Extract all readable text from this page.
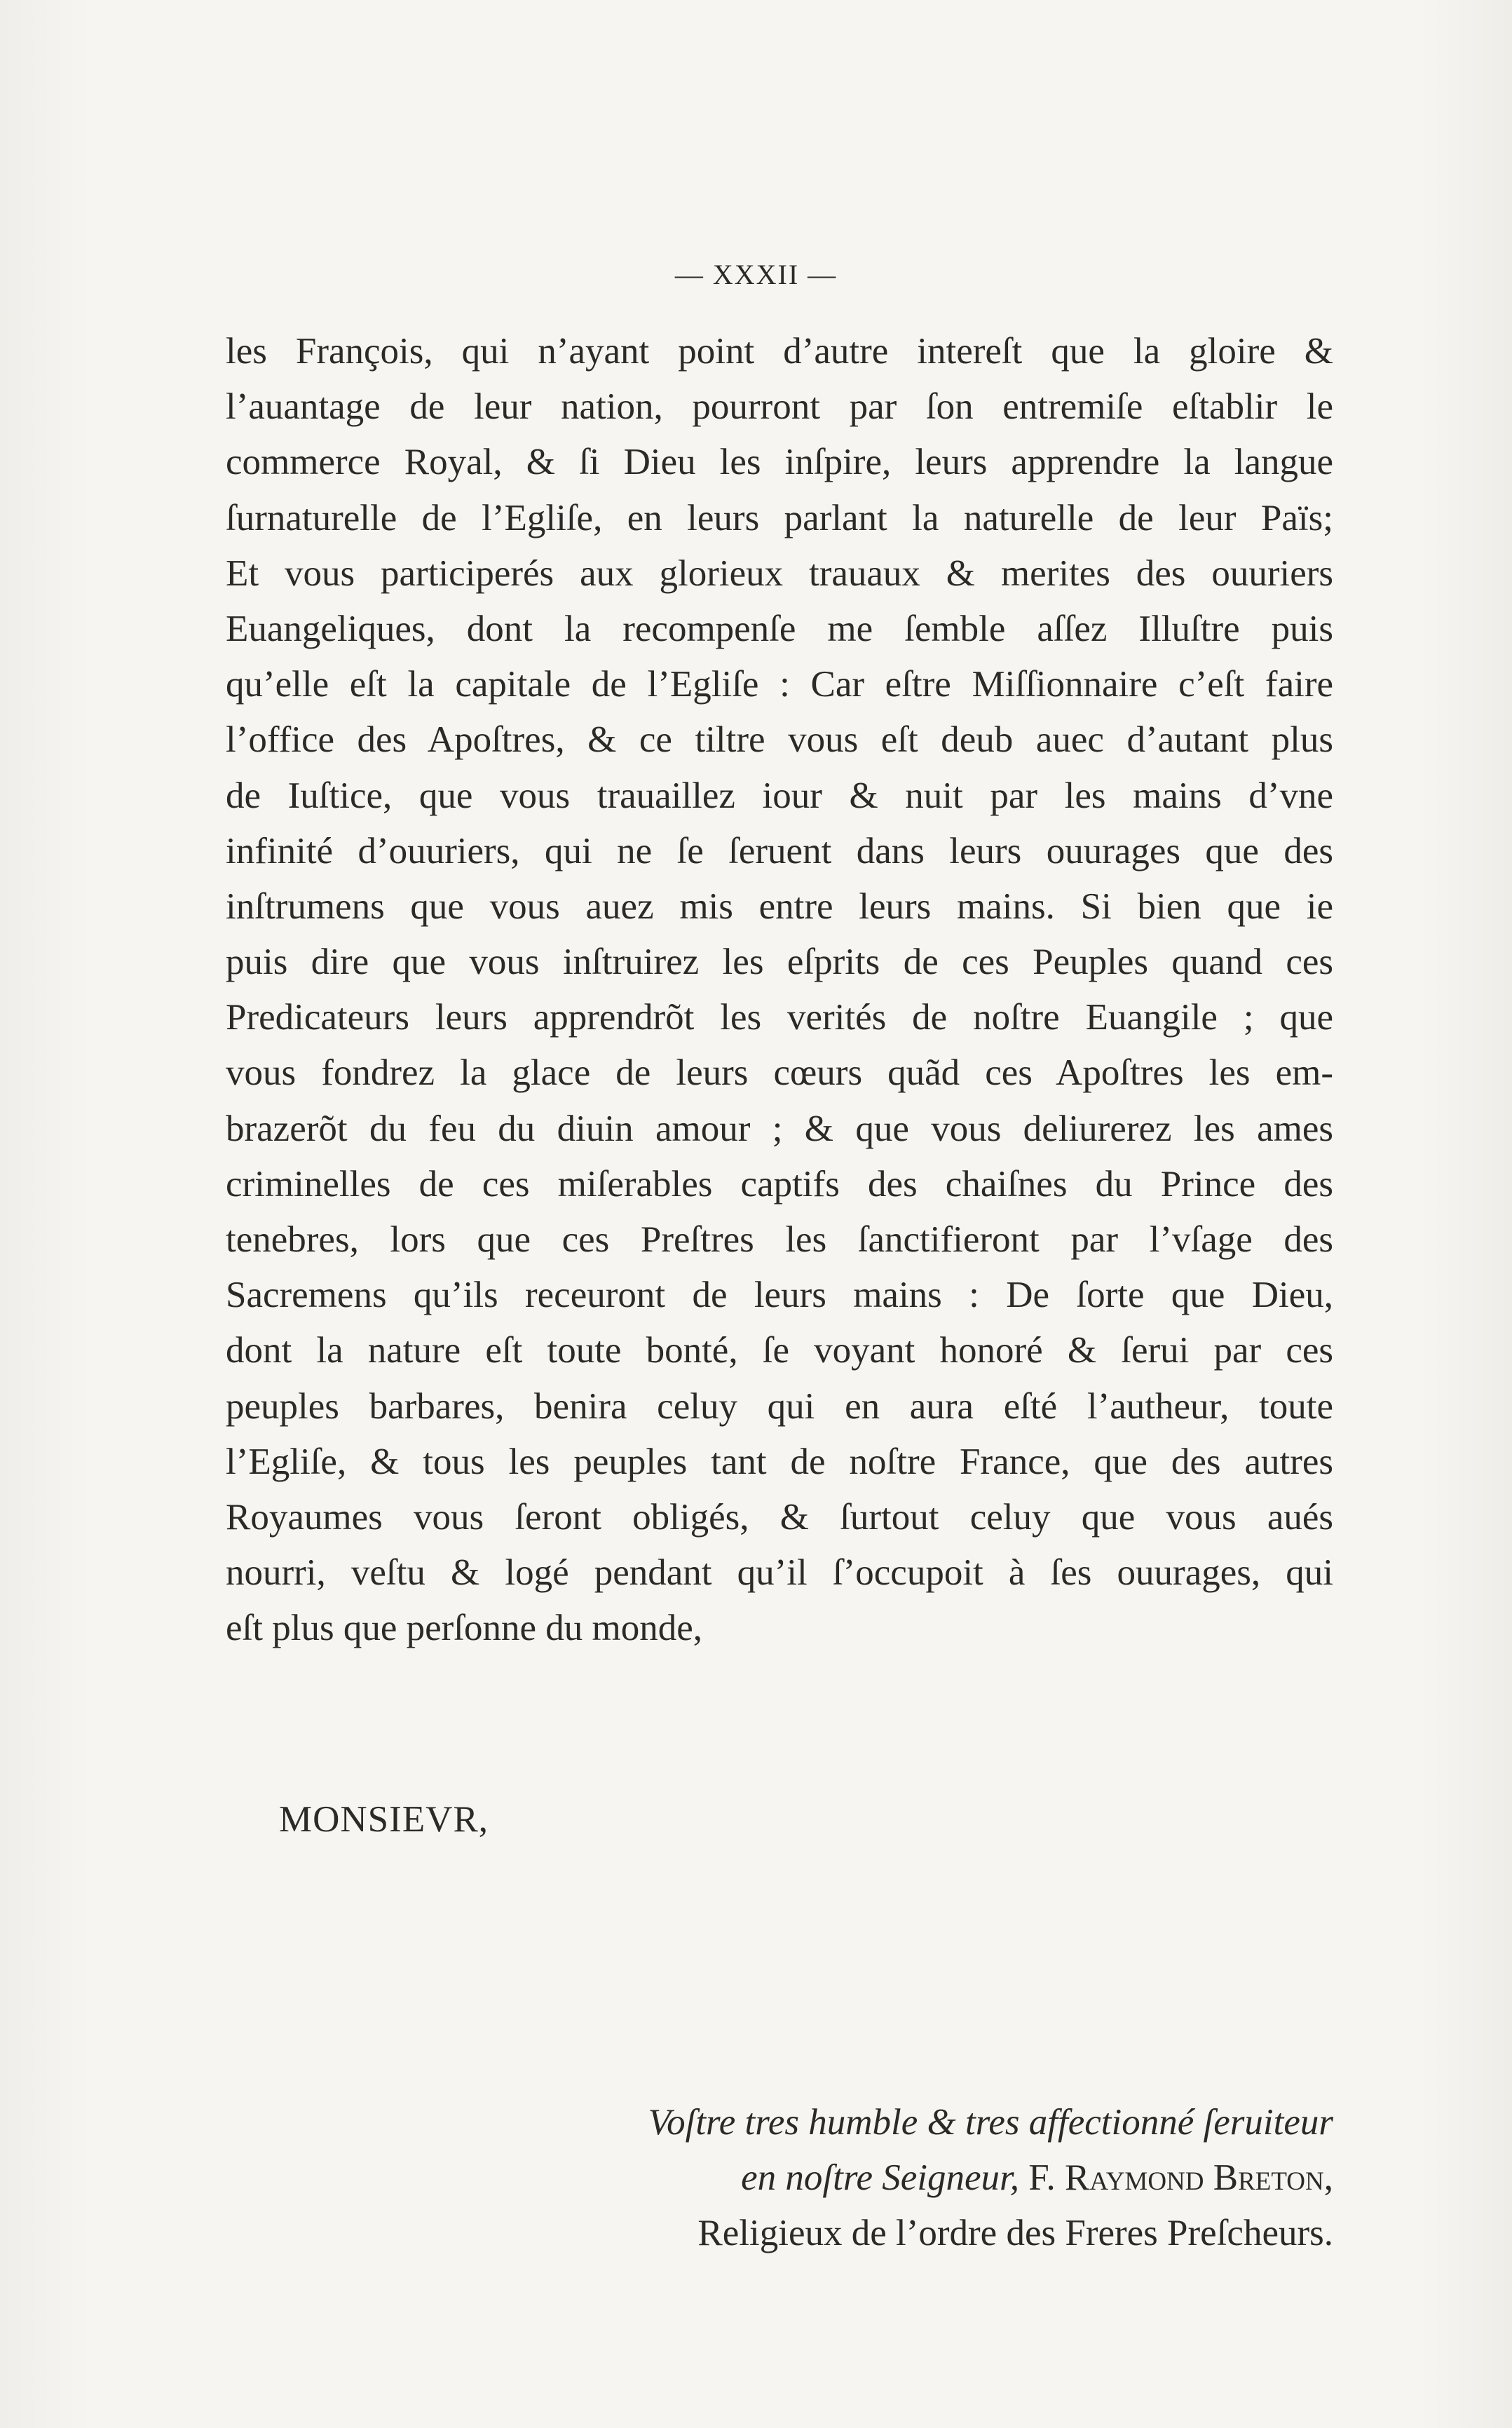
— XXXII —
les François, qui n’ayant point d’autre intereſt que la gloire &
l’auantage de leur nation, pourront par ſon entremiſe eſtablir le
commerce Royal, & ſi Dieu les inſpire, leurs apprendre la langue
ſurnaturelle de l’Egliſe, en leurs parlant la naturelle de leur Païs;
Et vous participerés aux glorieux trauaux & merites des ouuriers
Euangeliques, dont la recompenſe me ſemble aſſez Illuſtre puis
qu’elle eſt la capitale de l’Egliſe : Car eſtre Miſſionnaire c’eſt faire
l’office des Apoſtres, & ce tiltre vous eſt deub auec d’autant plus
de Iuſtice, que vous trauaillez iour & nuit par les mains d’vne
infinité d’ouuriers, qui ne ſe ſeruent dans leurs ouurages que des
inſtrumens que vous auez mis entre leurs mains. Si bien que ie
puis dire que vous inſtruirez les eſprits de ces Peuples quand ces
Predicateurs leurs apprendrõt les verités de noſtre Euangile ; que
vous fondrez la glace de leurs cœurs quãd ces Apoſtres les em-
brazerõt du feu du diuin amour ; & que vous deliurerez les ames
criminelles de ces miſerables captifs des chaiſnes du Prince des
tenebres, lors que ces Preſtres les ſanctifieront par l’vſage des
Sacremens qu’ils receuront de leurs mains : De ſorte que Dieu,
dont la nature eſt toute bonté, ſe voyant honoré & ſerui par ces
peuples barbares, benira celuy qui en aura eſté l’autheur, toute
l’Egliſe, & tous les peuples tant de noſtre France, que des autres
Royaumes vous ſeront obligés, & ſurtout celuy que vous aués
nourri, veſtu & logé pendant qu’il ſ’occupoit à ſes ouurages, qui
eſt plus que perſonne du monde,
MONSIEVR,
Voſtre tres humble & tres affectionné ſeruiteur
en noſtre Seigneur, F. Raymond Breton,
Religieux de l’ordre des Freres Preſcheurs.
